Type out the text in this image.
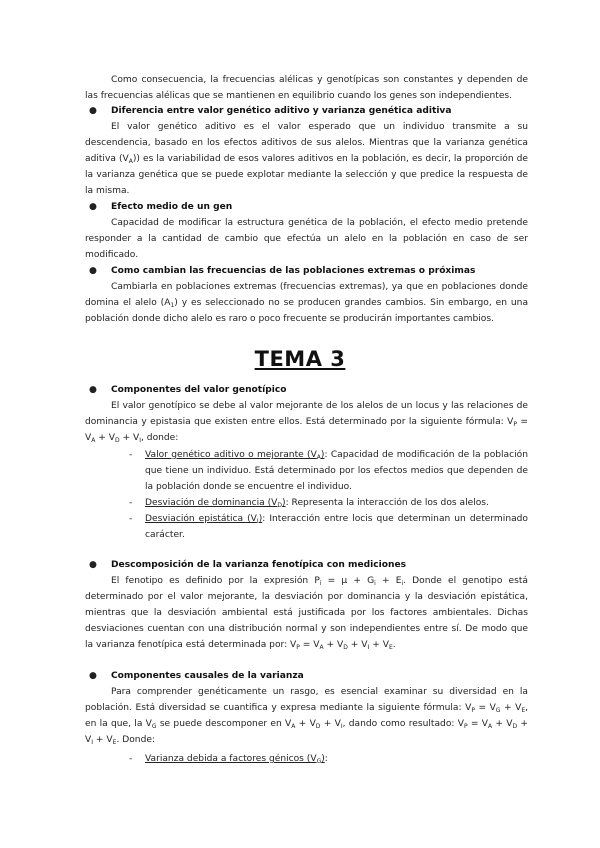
Como consecuencia, la frecuencias alélicas y genotípicas son constantes y dependen de las frecuencias alélicas que se mantienen en equilibrio cuando los genes son independientes.

●	Diferencia entre valor genético aditivo y varianza genética aditiva

El valor genético aditivo es el valor esperado que un individuo transmite a su descendencia, basado en los efectos aditivos de sus alelos. Mientras que la varianza genética aditiva $(V_A)$) es la variabilidad de esos valores aditivos en la población, es decir, la proporción de la varianza genética que se puede explotar mediante la selección y que predice la respuesta de la misma.

●	Efecto medio de un gen

Capacidad de modificar la estructura genética de la población, el efecto medio pretende responder a la cantidad de cambio que efectúa un alelo en la población en caso de ser modificado.

●	Como cambian las frecuencias de las poblaciones extremas o próximas

Cambiarla en poblaciones extremas (frecuencias extremas), ya que en poblaciones donde domina el alelo $(A_1)$ y es seleccionado no se producen grandes cambios. Sin embargo, en una población donde dicho alelo es raro o poco frecuente se producirán importantes cambios.

TEMA 3

●	Componentes del valor genotípico

El valor genotípico se debe al valor mejorante de los alelos de un locus y las relaciones de dominancia y epistasia que existen entre ellos. Está determinado por la siguiente fórmula: $V_P = V_A + V_D + V_I$, donde:

-	Valor genético aditivo o mejorante $(V_A)$: Capacidad de modificación de la población que tiene un individuo. Está determinado por los efectos medios que dependen de la población donde se encuentre el individuo.

-	Desviación de dominancia $(V_D)$: Representa la interacción de los dos alelos.

-	Desviación epistática $(V_I)$: Interacción entre locis que determinan un determinado carácter.

●	Descomposición de la varianza fenotípica con mediciones

El fenotipo es definido por la expresión $P_i = \mu + G_i + E_i$. Donde el genotipo está determinado por el valor mejorante, la desviación por dominancia y la desviación epistática, mientras que la desviación ambiental está justificada por los factores ambientales. Dichas desviaciones cuentan con una distribución normal y son independientes entre sí. De modo que la varianza fenotípica está determinada por: $V_P = V_A + V_D + V_I + V_E$.

●	Componentes causales de la varianza

Para comprender genéticamente un rasgo, es esencial examinar su diversidad en la población. Está diversidad se cuantifica y expresa mediante la siguiente fórmula: $V_P = V_G + V_E$, en la que, la $V_G$ se puede descomponer en $V_A + V_D + V_I$, dando como resultado: $V_P = V_A + V_D + V_I + V_E$. Donde:

-	Varianza debida a factores génicos $(V_G)$:
